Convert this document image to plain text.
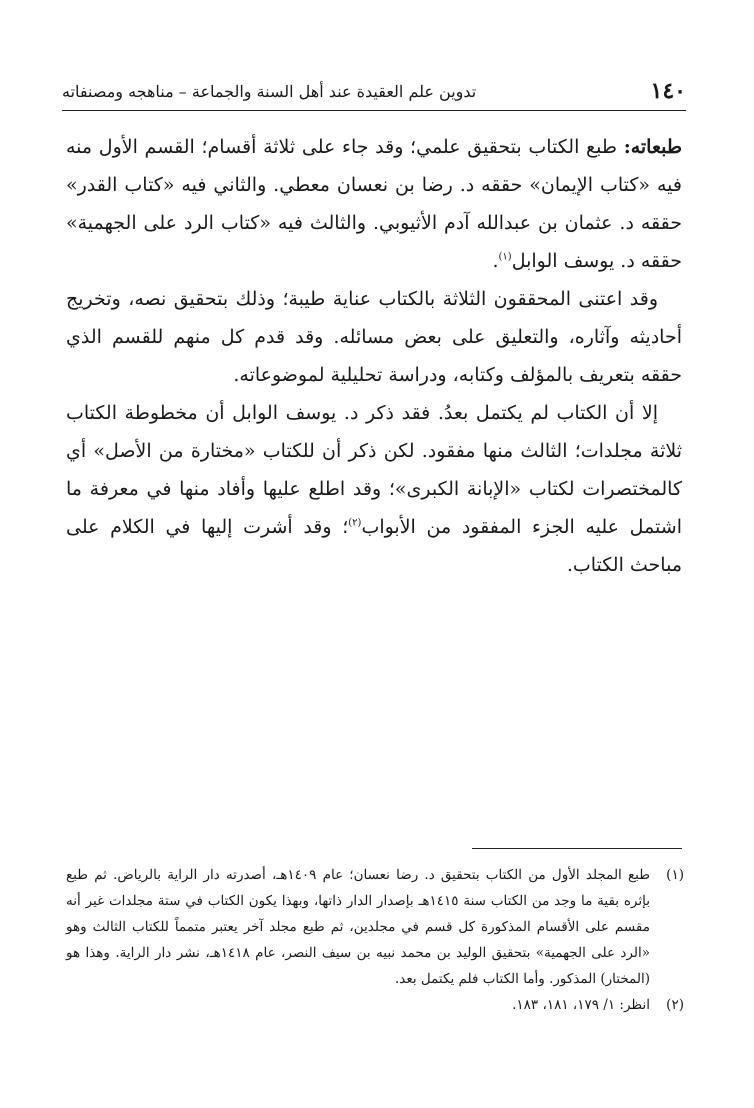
١٤٠
تدوين علم العقيدة عند أهل السنة والجماعة – مناهجه ومصنفاته

طبعاته: طبع الكتاب بتحقيق علمي؛ وقد جاء على ثلاثة أقسام؛ القسم الأول منه فيه «كتاب الإيمان» حققه د. رضا بن نعسان معطي. والثاني فيه «كتاب القدر» حققه د. عثمان بن عبدالله آدم الأثيوبي. والثالث فيه «كتاب الرد على الجهمية» حققه د. يوسف الوابل$^{(١)}$.

وقد اعتنى المحققون الثلاثة بالكتاب عناية طيبة؛ وذلك بتحقيق نصه، وتخريج أحاديثه وآثاره، والتعليق على بعض مسائله. وقد قدم كل منهم للقسم الذي حققه بتعريف بالمؤلف وكتابه، ودراسة تحليلية لموضوعاته.

إلا أن الكتاب لم يكتمل بعدُ. فقد ذكر د. يوسف الوابل أن مخطوطة الكتاب ثلاثة مجلدات؛ الثالث منها مفقود. لكن ذكر أن للكتاب «مختارة من الأصل» أي كالمختصرات لكتاب «الإبانة الكبرى»؛ وقد اطلع عليها وأفاد منها في معرفة ما اشتمل عليه الجزء المفقود من الأبواب$^{(٢)}$؛ وقد أشرت إليها في الكلام على مباحث الكتاب.

(١)
طبع المجلد الأول من الكتاب بتحقيق د. رضا نعسان؛ عام ١٤٠٩هـ، أصدرته دار الراية بالرياض. ثم طبع بإثره بقية ما وجد من الكتاب سنة ١٤١٥هـ بإصدار الدار ذاتها، وبهذا يكون الكتاب في ستة مجلدات غير أنه مقسم على الأقسام المذكورة كل قسم في مجلدين، ثم طبع مجلد آخر يعتبر متمماً للكتاب الثالث وهو «الرد على الجهمية» بتحقيق الوليد بن محمد نبيه بن سيف النصر، عام ١٤١٨هـ، نشر دار الراية. وهذا هو (المختار) المذكور. وأما الكتاب فلم يكتمل بعد.
(٢)
انظر: ١/ ١٧٩، ١٨١، ١٨٣.
